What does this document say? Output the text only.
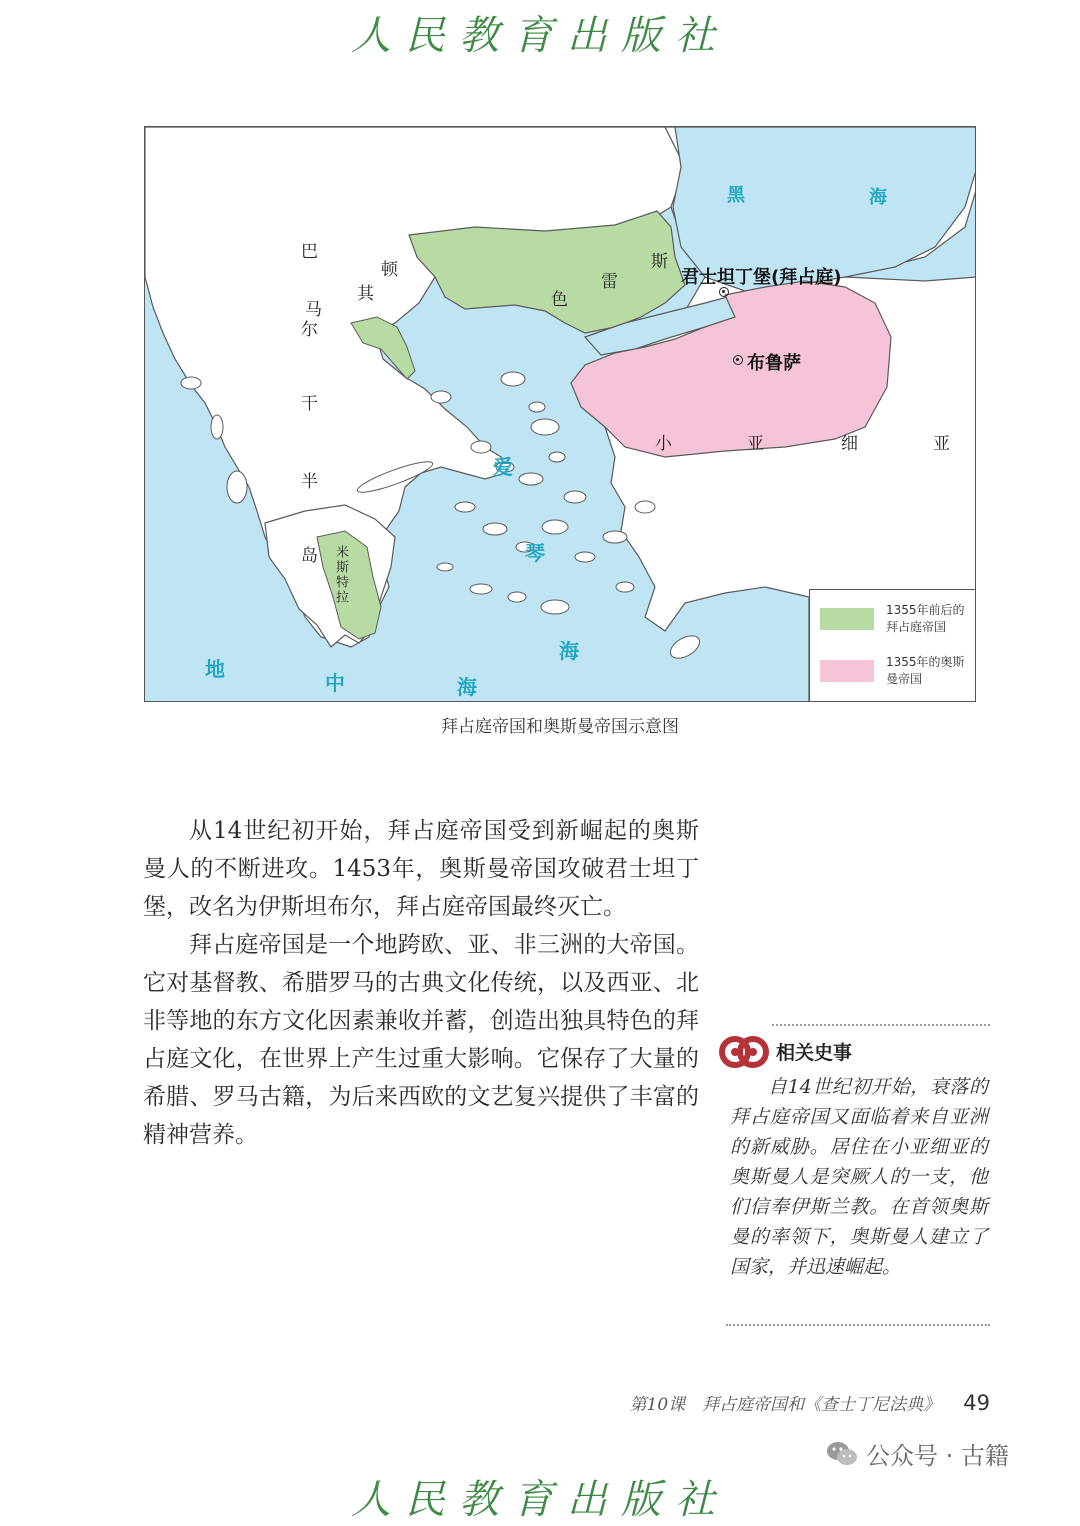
人民教育出版社
巴
马
尔
干
半
岛
其
顿	斯
雷
色
黑	海
君士坦丁堡(拜占庭)
布鲁萨
小	亚	细	亚
爱
琴
海
地
中	海
米斯特拉
1355年前后的拜占庭帝国
1355年的奥斯曼帝国
拜占庭帝国和奥斯曼帝国示意图

从14世纪初开始，拜占庭帝国受到新崛起的奥斯曼人的不断进攻。1453年，奥斯曼帝国攻破君士坦丁堡，改名为伊斯坦布尔，拜占庭帝国最终灭亡。

拜占庭帝国是一个地跨欧、亚、非三洲的大帝国。它对基督教、希腊罗马的古典文化传统，以及西亚、北非等地的东方文化因素兼收并蓄，创造出独具特色的拜占庭文化，在世界上产生过重大影响。它保存了大量的希腊、罗马古籍，为后来西欧的文艺复兴提供了丰富的精神营养。

相关史事

自14世纪初开始，衰落的拜占庭帝国又面临着来自亚洲的新威胁。居住在小亚细亚的奥斯曼人是突厥人的一支，他们信奉伊斯兰教。在首领奥斯曼的率领下，奥斯曼人建立了国家，并迅速崛起。

第10课　拜占庭帝国和《查士丁尼法典》 49
人民教育出版社
公众号 · 古籍
